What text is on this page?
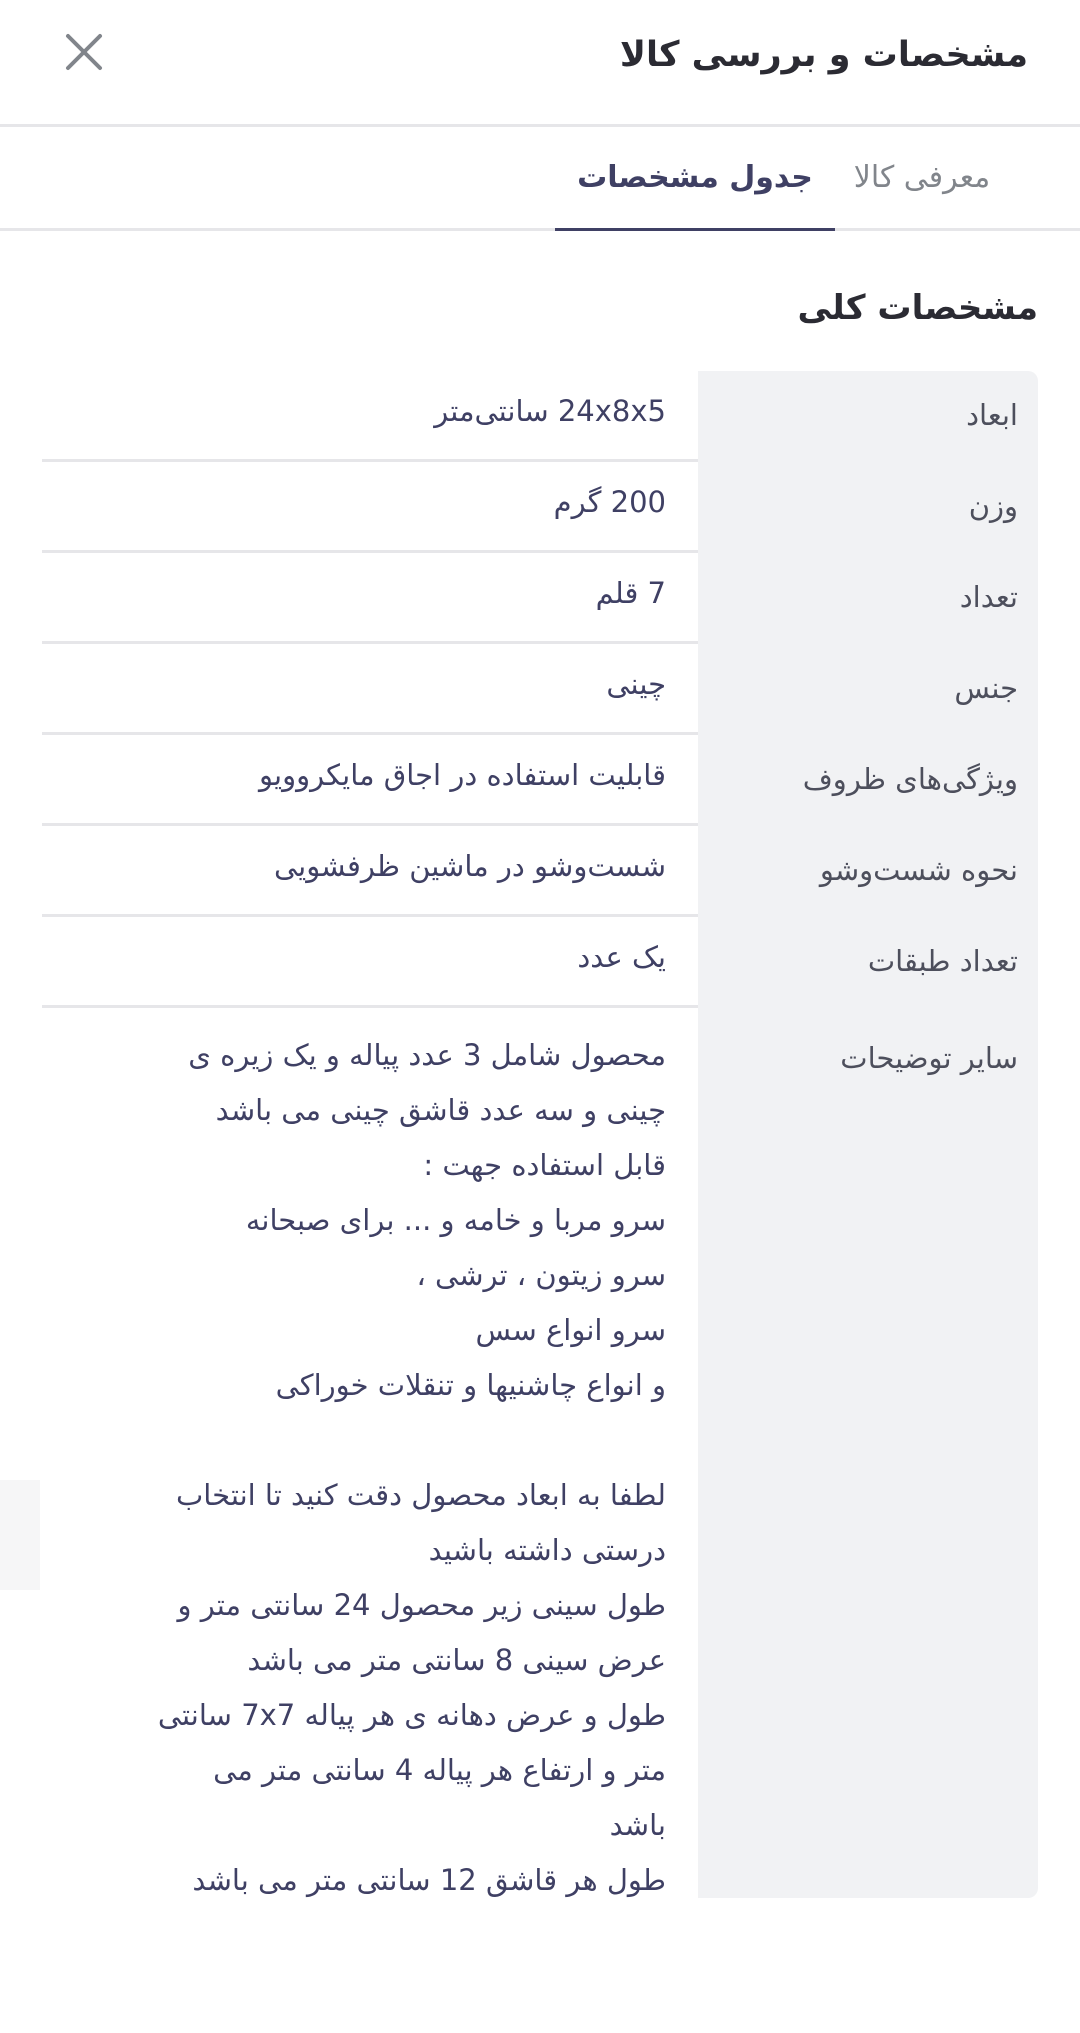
مشخصات و بررسی کالا
معرفی کالا
جدول مشخصات
مشخصات کلی
ابعاد
24x8x5 سانتی‌متر
وزن
200 گرم
تعداد
7 قلم
جنس
چینی
ویژگی‌های ظروف
قابلیت استفاده در اجاق مایکروویو
نحوه شست‌وشو
شست‌وشو در ماشین ظرفشویی
تعداد طبقات
یک عدد
سایر توضیحات
محصول شامل 3 عدد پیاله و یک زیره ی
چینی و سه عدد قاشق چینی می باشد
قابل استفاده جهت :
سرو مربا و خامه و ... برای صبحانه
سرو زیتون ، ترشی ،
سرو انواع سس
و انواع چاشنیها و تنقلات خوراکی
لطفا به ابعاد محصول دقت کنید تا انتخاب
درستی داشته باشید
طول سینی زیر محصول 24 سانتی متر و
عرض سینی 8 سانتی متر می باشد
طول و عرض دهانه ی هر پیاله 7x7 سانتی
متر و ارتفاع هر پیاله 4 سانتی متر می
باشد
طول هر قاشق 12 سانتی متر می باشد
